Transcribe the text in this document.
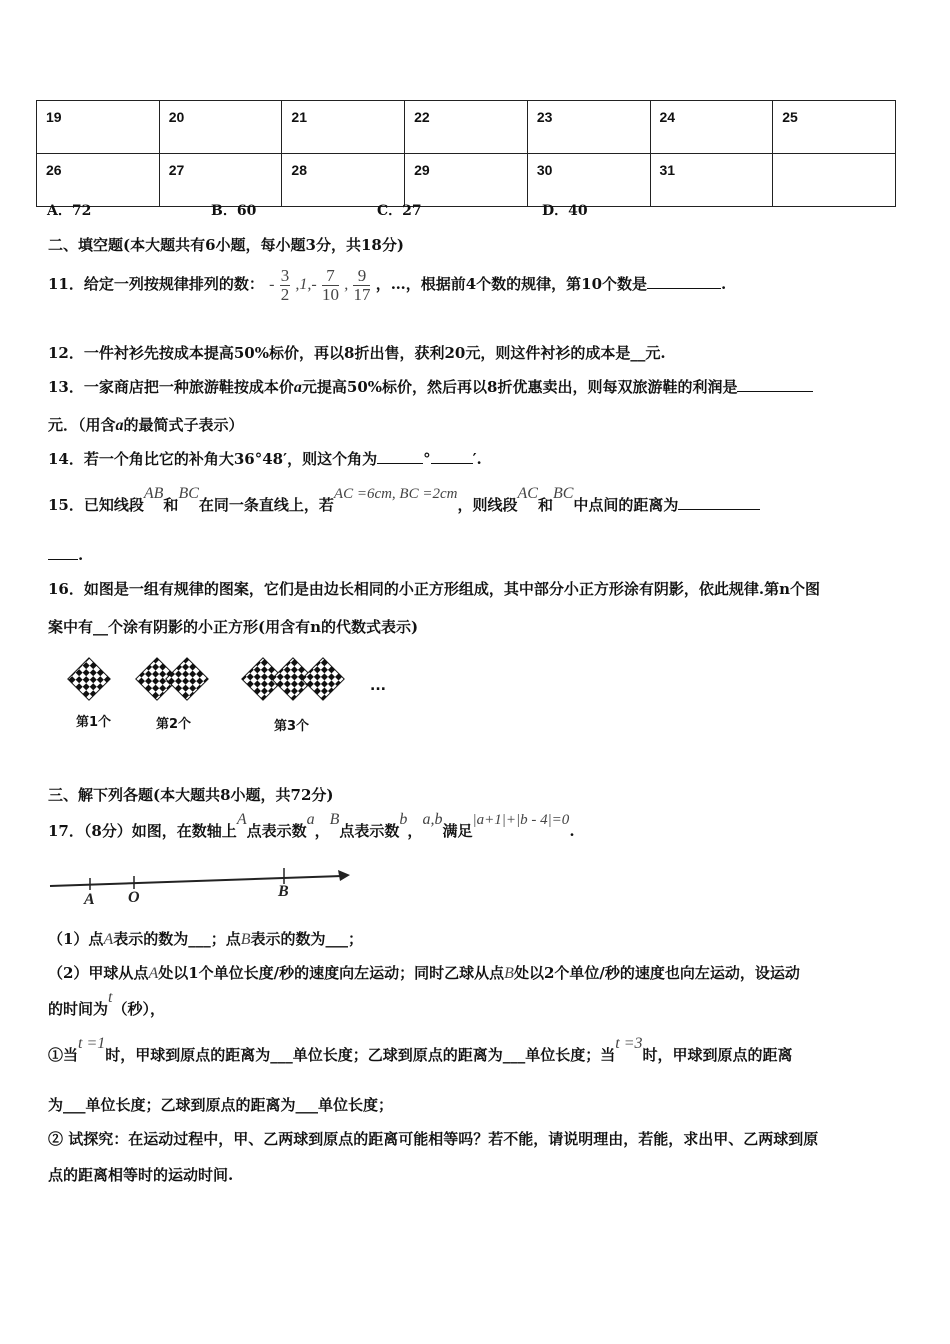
19	20	21	22	23	24	25
26	27	28	29	30	31	
A．72	B．60	C．27	D．40
二、填空题(本大题共有6小题，每小题3分，共18分)
11．给定一列按规律排列的数： - $\frac{3}{2} ,1,- \frac{7}{10}$ , $\frac{9}{17}$ ，…，根据前4个数的规律，第10个数是	.
12．一件衬衫先按成本提高50%标价，再以8折出售，获利20元，则这件衬衫的成本是__元.
13．一家商店把一种旅游鞋按成本价a元提高50%标价，然后再以8折优惠卖出，则每双旅游鞋的利润是
元．（用含a的最简式子表示）
14．若一个角比它的补角大36°48′，则这个角为	°	′.
15．已知线段AB和BC在同一条直线上，若AC =6cm, BC =2cm，则线段AC和BC中点间的距离为
.
16．如图是一组有规律的图案，它们是由边长相同的小正方形组成，其中部分小正方形涂有阴影，依此规律.第n个图
案中有__个涂有阴影的小正方形(用含有n的代数式表示)
...
第1个	第2个	第3个
三、解下列各题(本大题共8小题，共72分)
17．（8分）如图，在数轴上A点表示数a，B点表示数b，a,b满足|a+1|+|b - 4|=0.
A O	B
（1）点A表示的数为___；点B表示的数为___；
（2）甲球从点A处以1个单位长度/秒的速度向左运动；同时乙球从点B处以2个单位/秒的速度也向左运动，设运动
的时间为t（秒），
①当t =1时，甲球到原点的距离为___单位长度；乙球到原点的距离为___单位长度；当t =3时，甲球到原点的距离
为___单位长度；乙球到原点的距离为___单位长度；
② 试探究：在运动过程中，甲、乙两球到原点的距离可能相等吗？若不能，请说明理由，若能，求出甲、乙两球到原
点的距离相等时的运动时间.
